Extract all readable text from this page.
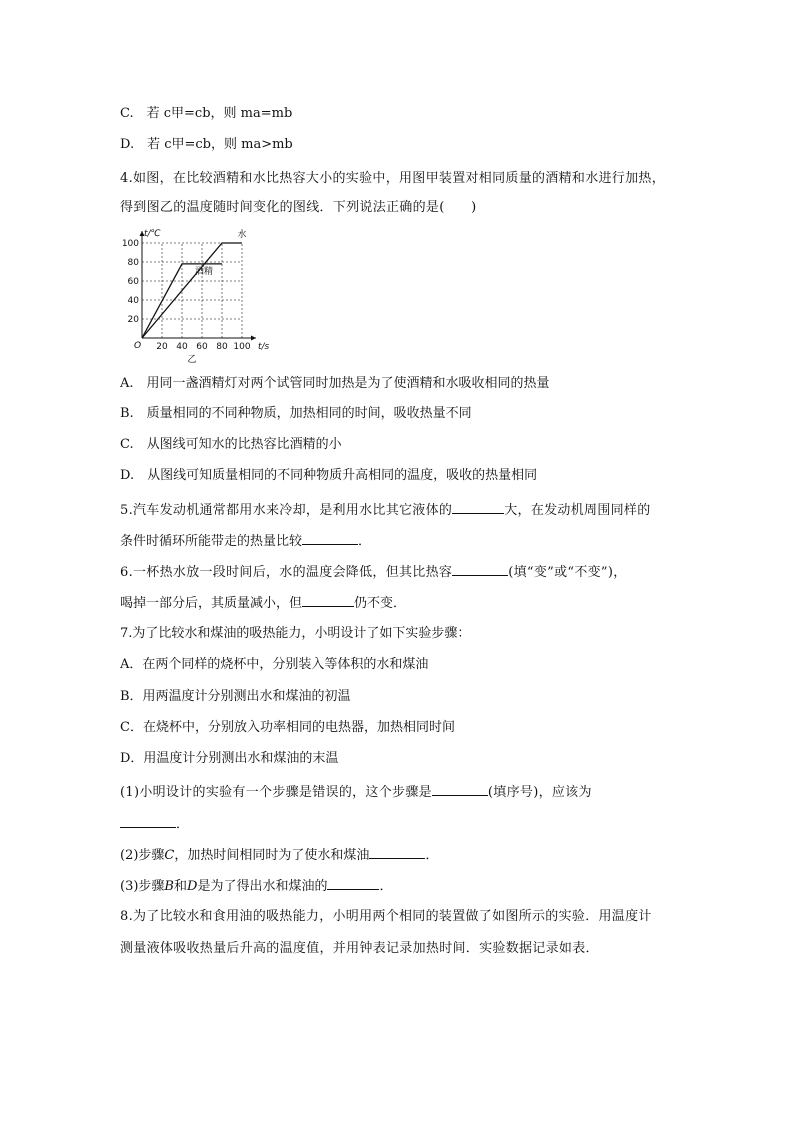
C.　若 c甲=cb，则 ma=mb
D.　若 c甲=cb，则 ma>mb
4.如图，在比较酒精和水比热容大小的实验中，用图甲装置对相同质量的酒精和水进行加热，
得到图乙的温度随时间变化的图线．下列说法正确的是(　　)
20 40 60 80 100
20
40
60
80
100
O	t/s
t/℃
乙
水
酒精
A.　用同一盏酒精灯对两个试管同时加热是为了使酒精和水吸收相同的热量
B.　质量相同的不同种物质，加热相同的时间，吸收热量不同
C.　从图线可知水的比热容比酒精的小
D.　从图线可知质量相同的不同种物质升高相同的温度，吸收的热量相同
5.汽车发动机通常都用水来冷却，是利用水比其它液体的	大，在发动机周围同样的
条件时循环所能带走的热量比较	．
6.一杯热水放一段时间后，水的温度会降低，但其比热容	(填“变”或“不变”)，
喝掉一部分后，其质量减小，但	仍不变．
7.为了比较水和煤油的吸热能力，小明设计了如下实验步骤：
A．在两个同样的烧杯中，分别装入等体积的水和煤油
B．用两温度计分别测出水和煤油的初温
C．在烧杯中，分别放入功率相同的电热器，加热相同时间
D．用温度计分别测出水和煤油的末温
(1)小明设计的实验有一个步骤是错误的，这个步骤是	(填序号)，应该为
．
(2)步骤C，加热时间相同时为了使水和煤油	．
(3)步骤B和D是为了得出水和煤油的	．
8.为了比较水和食用油的吸热能力，小明用两个相同的装置做了如图所示的实验．用温度计
测量液体吸收热量后升高的温度值，并用钟表记录加热时间．实验数据记录如表．
